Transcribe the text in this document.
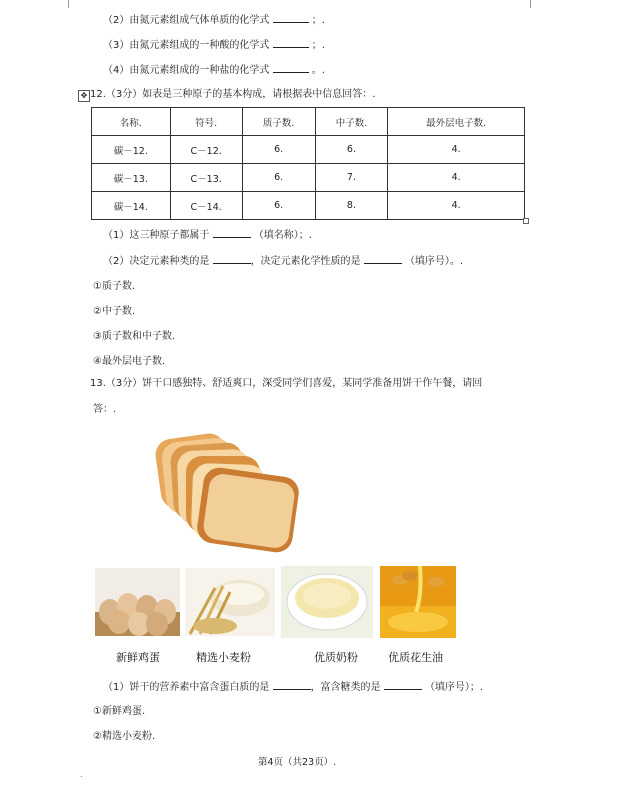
（2）由氮元素组成气体单质的化学式	；.
（3）由氮元素组成的一种酸的化学式	；.
（4）由氮元素组成的一种盐的化学式	。.
✥ 12.（3分）如表是三种原子的基本构成，请根据表中信息回答：.
名称.	符号.	质子数.	中子数.	最外层电子数.
碳－12.	C－12.	6.	6.	4.
碳－13.	C－13.	6.	7.	4.
碳－14.	C－14.	6.	8.	4.
（1）这三种原子都属于	（填名称）；.
（2）决定元素种类的是	，决定元素化学性质的是	（填序号）。.
①质子数.
②中子数.
③质子数和中子数.
④最外层电子数.
13.（3分）饼干口感独特、舒适爽口，深受同学们喜爱，某同学准备用饼干作午餐，请回
答：.
新鲜鸡蛋	精选小麦粉	优质奶粉	优质花生油
（1）饼干的营养素中富含蛋白质的是	，富含糖类的是	（填序号）；.
①新鲜鸡蛋.
②精选小麦粉.
第4页（共23页）.
.
